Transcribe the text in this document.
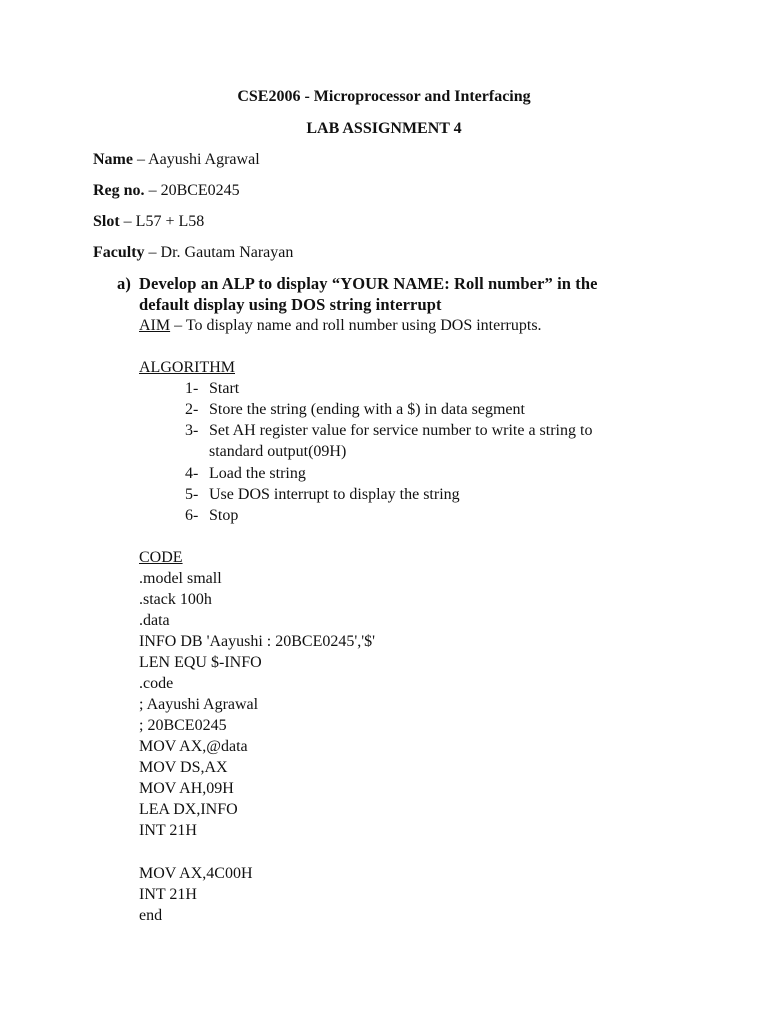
CSE2006 - Microprocessor and Interfacing
LAB ASSIGNMENT 4
Name – Aayushi Agrawal
Reg no. – 20BCE0245
Slot – L57 + L58
Faculty – Dr. Gautam Narayan
a) Develop an ALP to display “YOUR NAME: Roll number” in the
default display using DOS string interrupt
AIM – To display name and roll number using DOS interrupts.
ALGORITHM
1- Start
2- Store the string (ending with a $) in data segment
3- Set AH register value for service number to write a string to
standard output(09H)
4- Load the string
5- Use DOS interrupt to display the string
6- Stop
CODE
.model small
.stack 100h
.data
INFO DB 'Aayushi : 20BCE0245','$'
LEN EQU $-INFO
.code
; Aayushi Agrawal
; 20BCE0245
MOV AX,@data
MOV DS,AX
MOV AH,09H
LEA DX,INFO
INT 21H
MOV AX,4C00H
INT 21H
end
